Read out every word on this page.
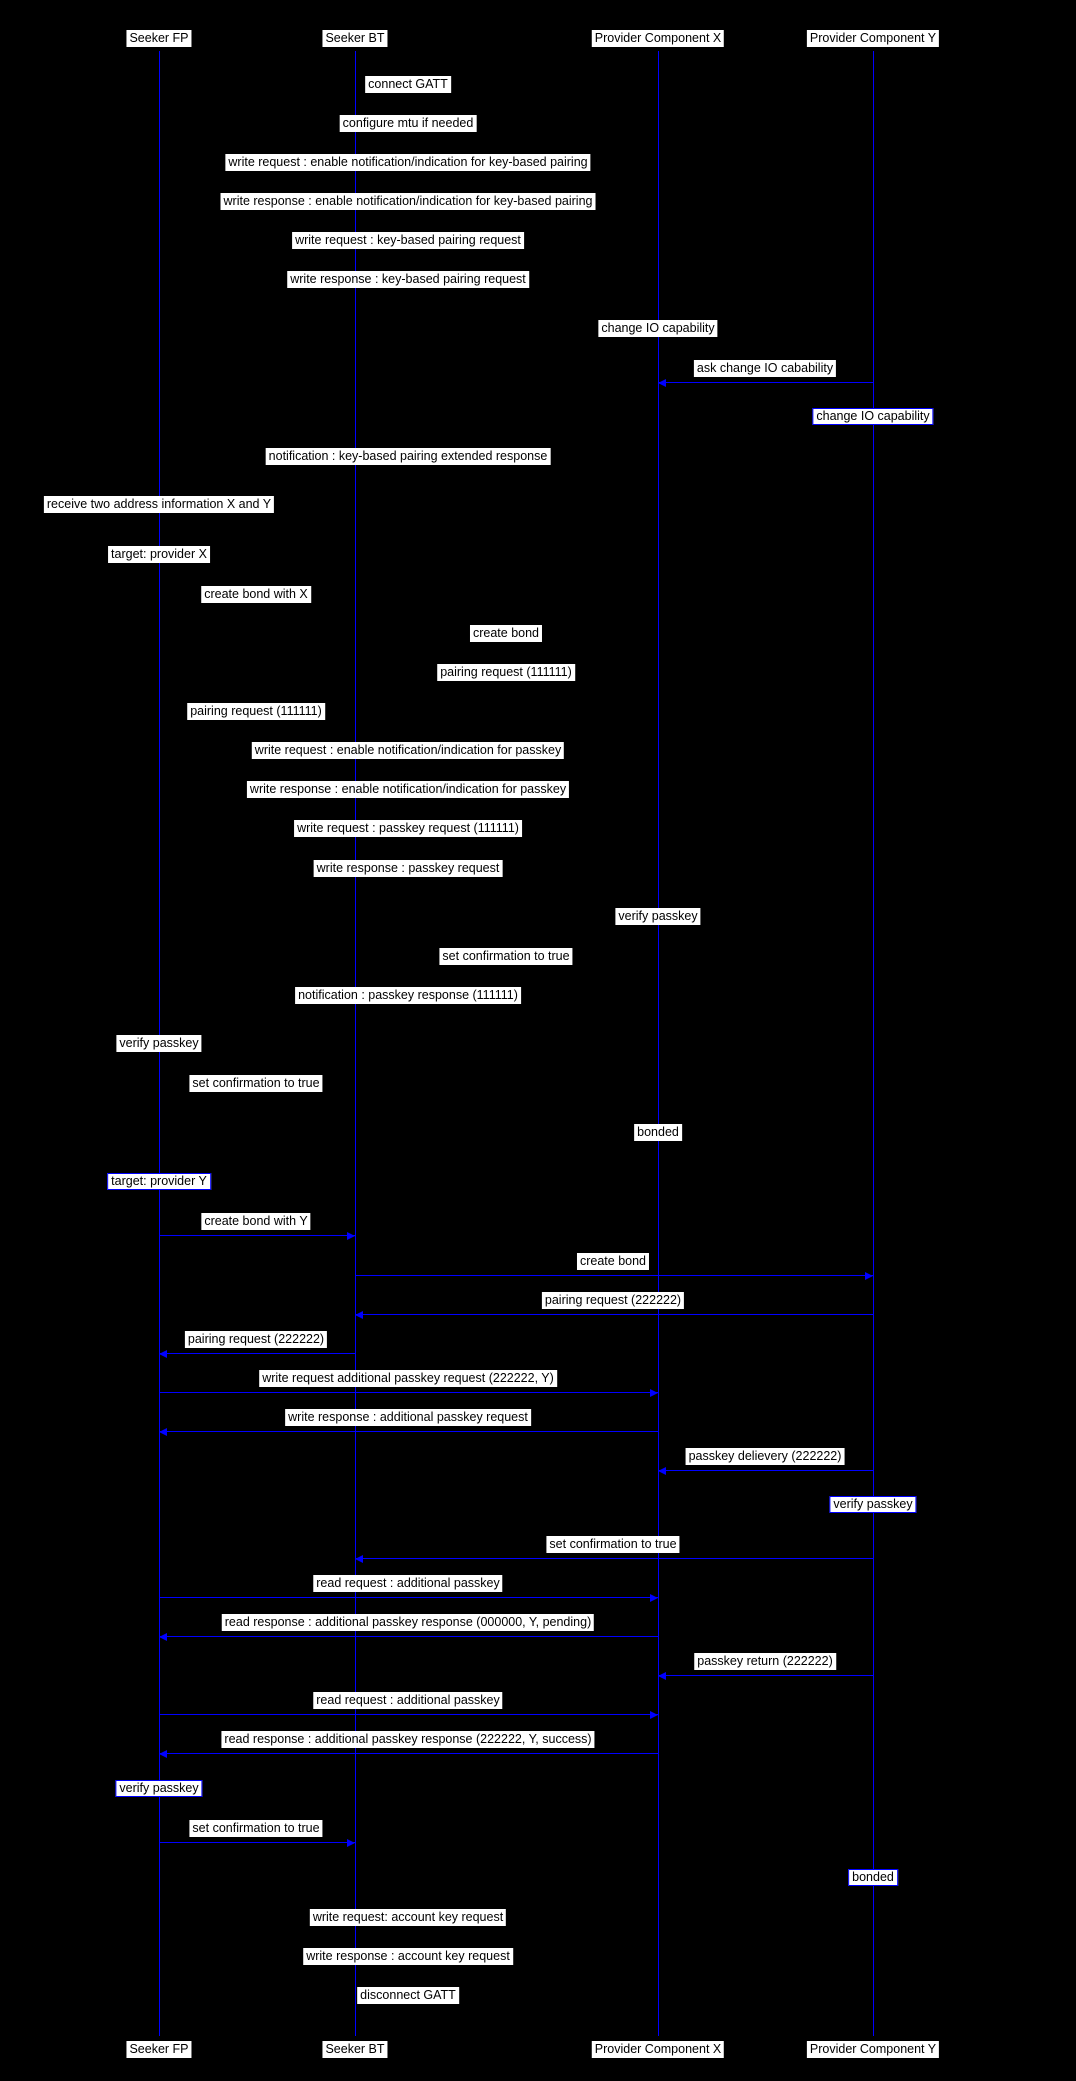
Seeker FP	Seeker BT	Provider Component X	Provider Component Y
Seeker FP	Seeker BT	Provider Component X	Provider Component Y
connect GATT
configure mtu if needed
write request : enable notification/indication for key-based pairing
write response : enable notification/indication for key-based pairing
write request : key-based pairing request
write response : key-based pairing request
change IO capability
ask change IO cabability
change IO capability
notification : key-based pairing extended response
receive two address information X and Y
target: provider X
create bond with X
create bond
pairing request (111111)
pairing request (111111)
write request : enable notification/indication for passkey
write response : enable notification/indication for passkey
write request : passkey request (111111)
write response : passkey request
verify passkey
set confirmation to true
notification : passkey response (111111)
verify passkey
set confirmation to true
bonded
target: provider Y
create bond with Y
create bond
pairing request (222222)
pairing request (222222)
write request additional passkey request (222222, Y)
write response : additional passkey request
passkey delievery (222222)
verify passkey
set confirmation to true
read request : additional passkey
read response : additional passkey response (000000, Y, pending)
passkey return (222222)
read request : additional passkey
read response : additional passkey response (222222, Y, success)
verify passkey
set confirmation to true
bonded
write request: account key request
write response : account key request
disconnect GATT
